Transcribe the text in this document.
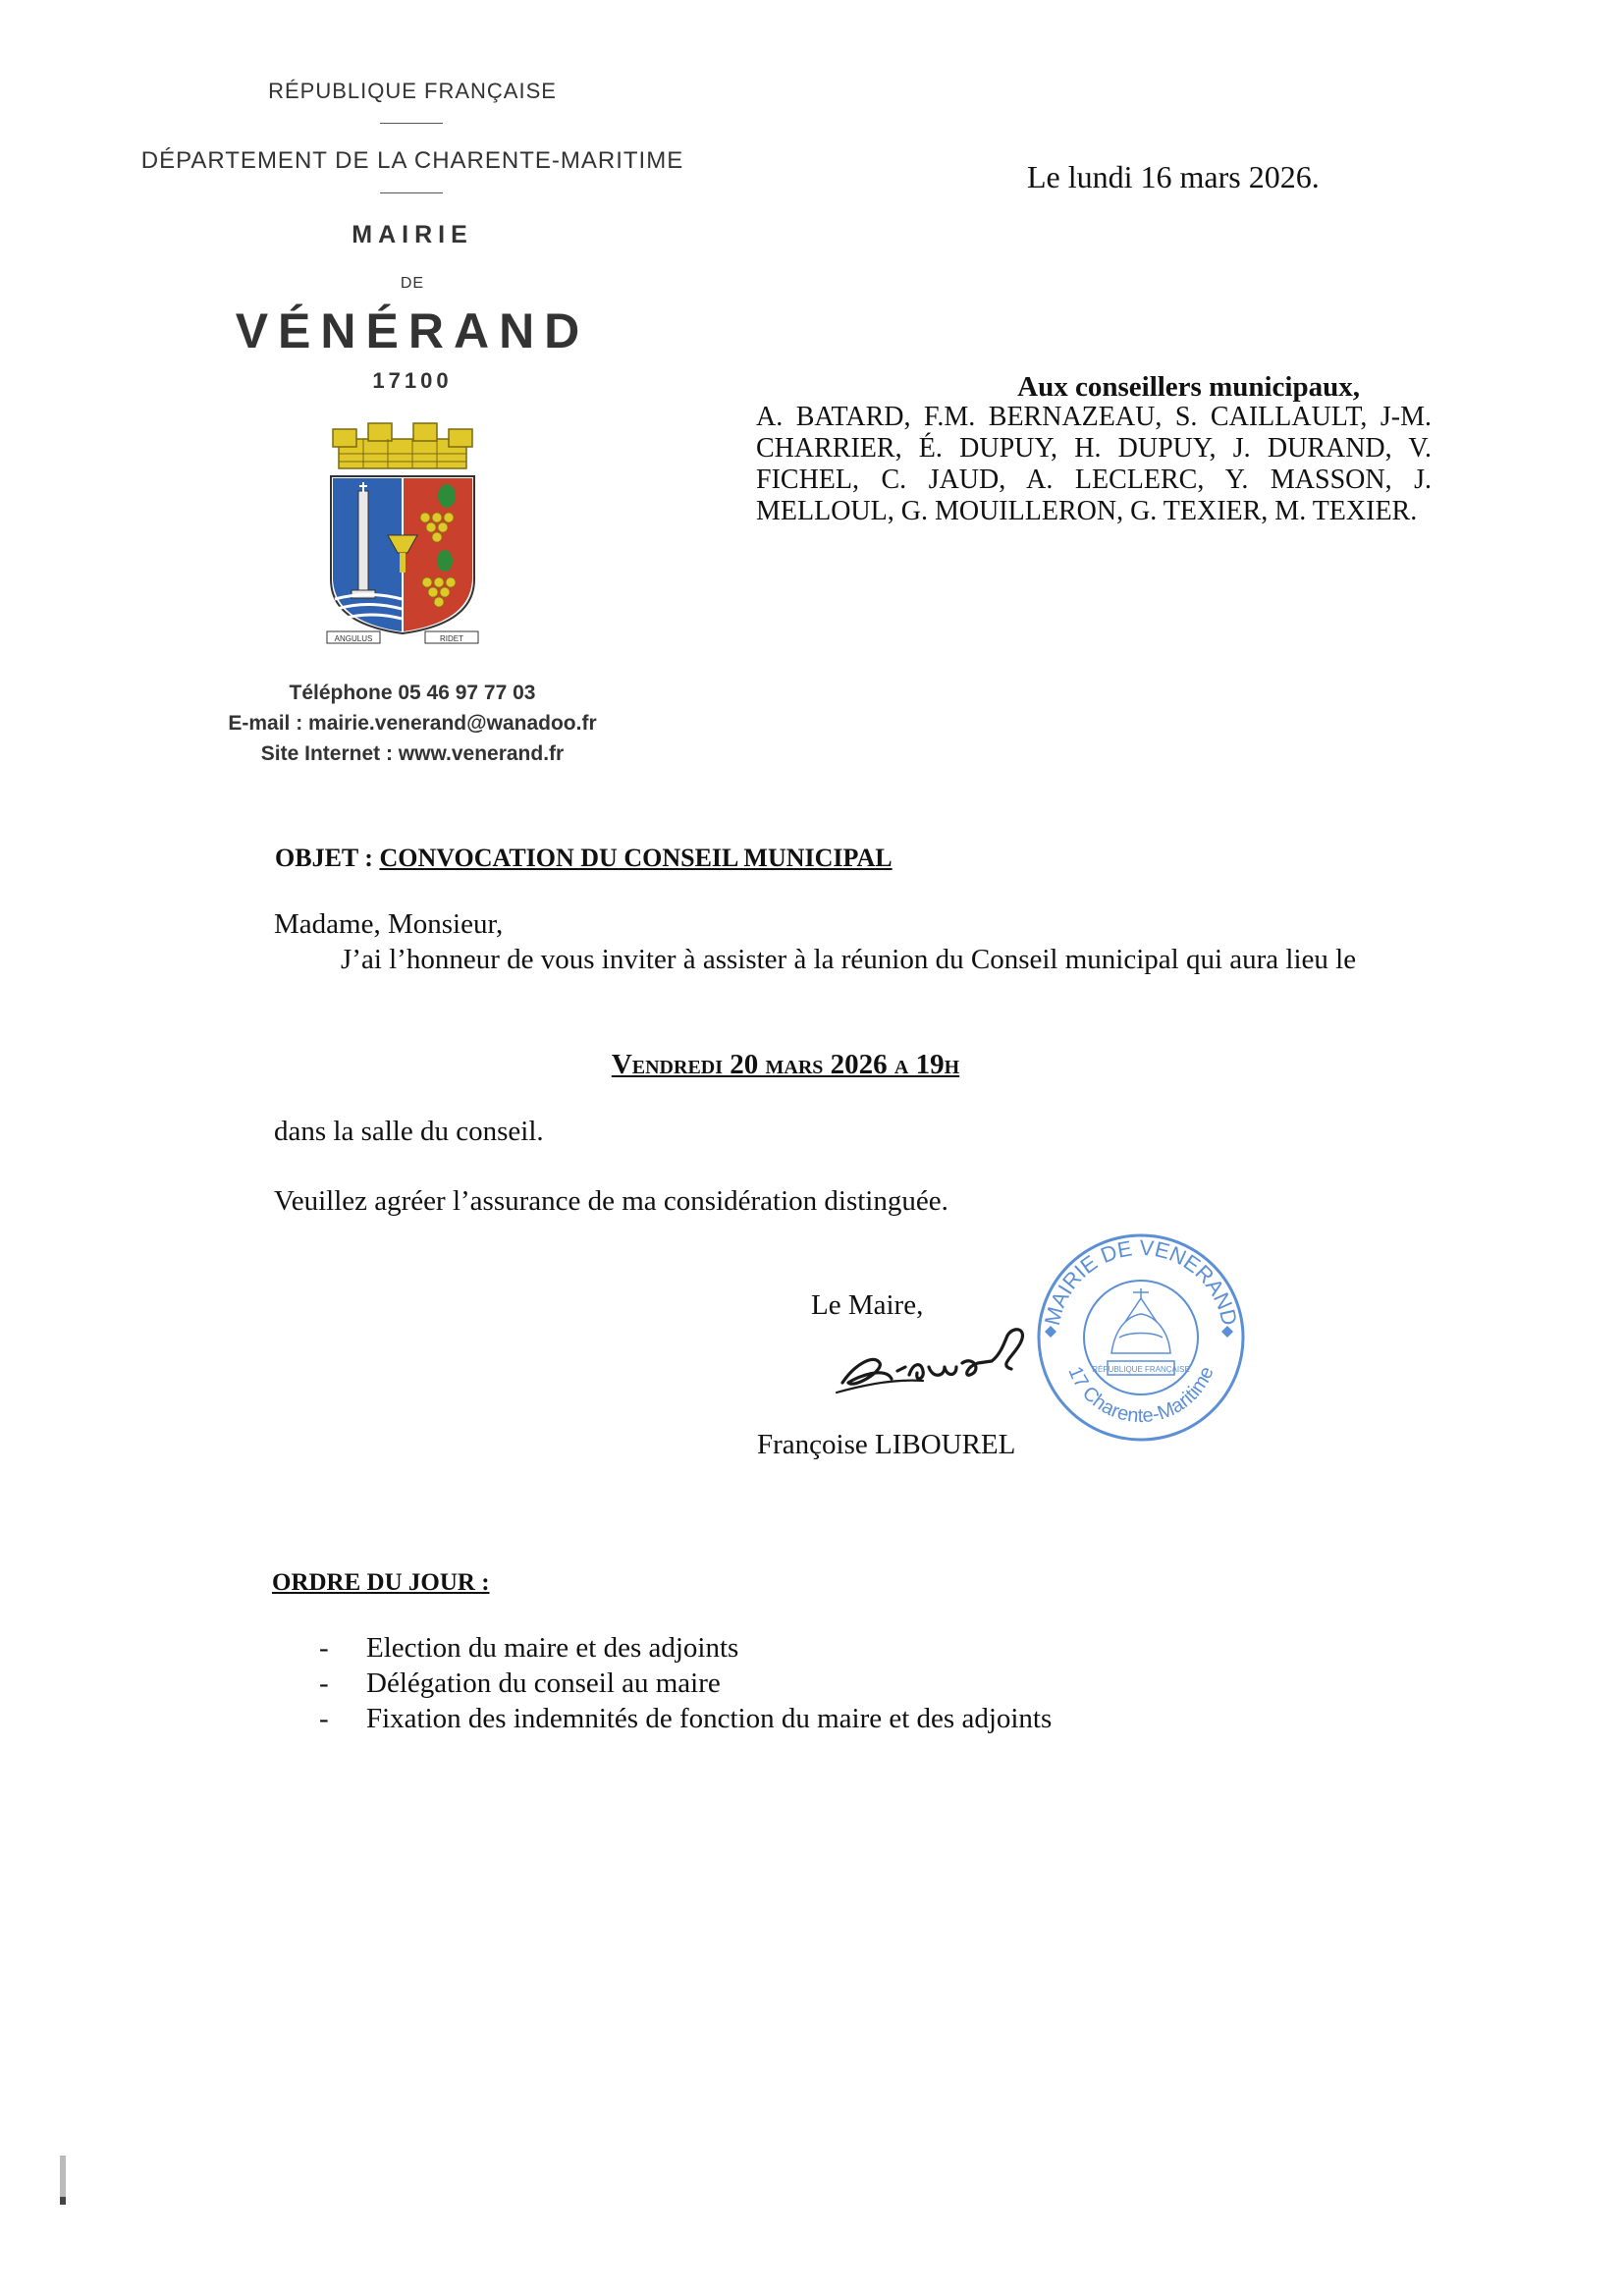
RÉPUBLIQUE FRANÇAISE
DÉPARTEMENT DE LA CHARENTE-MARITIME
MAIRIE
DE
VÉNÉRAND
17100
ANGULUS	RIDET
Téléphone 05 46 97 77 03
E-mail : mairie.venerand@wanadoo.fr
Site Internet : www.venerand.fr
Le lundi 16 mars 2026.
Aux conseillers municipaux,
A. BATARD, F.M. BERNAZEAU, S. CAILLAULT, J-M. CHARRIER, É. DUPUY, H. DUPUY, J. DURAND, V. FICHEL, C. JAUD, A. LECLERC, Y. MASSON, J. MELLOUL, G. MOUILLERON, G. TEXIER, M. TEXIER.
OBJET : CONVOCATION DU CONSEIL MUNICIPAL
Madame, Monsieur,
J’ai l’honneur de vous inviter à assister à la réunion du Conseil municipal qui aura lieu le
Vendredi 20 mars 2026 a 19h
dans la salle du conseil.
Veuillez agréer l’assurance de ma considération distinguée.
Le Maire,
Françoise LIBOUREL
MAIRIE DE VENERAND
17 Charente-Maritime
RÉPUBLIQUE FRANÇAISE
ORDRE DU JOUR :
- Election du maire et des adjoints
- Délégation du conseil au maire
- Fixation des indemnités de fonction du maire et des adjoints
